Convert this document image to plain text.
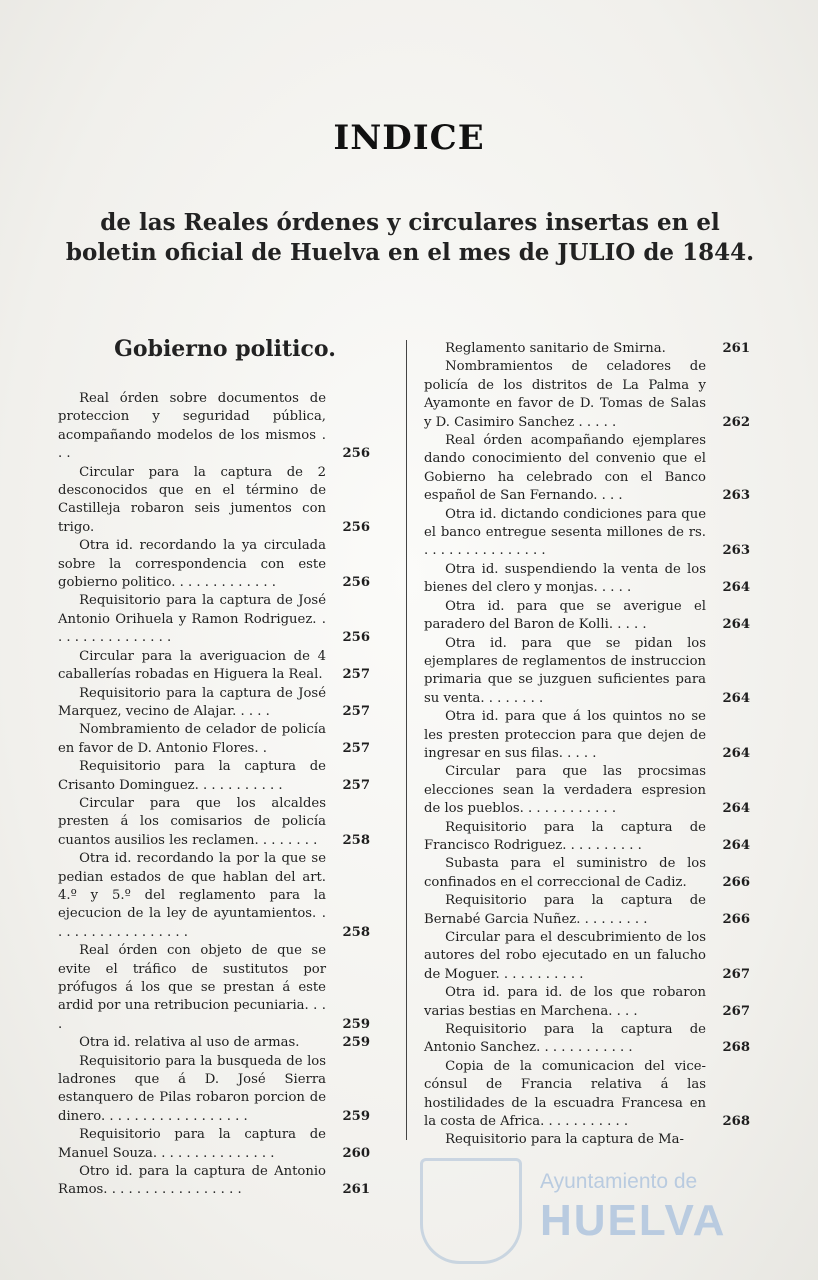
INDICE
de las Reales órdenes y circulares insertas en el boletin oficial de Huelva en el mes de JULIO de 1844.
Gobierno politico.
Real órden sobre documentos de proteccion y seguridad pública, acompañando modelos de los mismos . . .	256
Circular para la captura de 2 desconocidos que en el término de Castilleja robaron seis jumentos con trigo.	256
Otra id. recordando la ya circulada sobre la correspondencia con este gobierno politico. . . . . . . . . . . . .	256
Requisitorio para la captura de José Antonio Orihuela y Ramon Rodriguez. . . . . . . . . . . . . . . .	256
Circular para la averiguacion de 4 caballerías robadas en Higuera la Real.	257
Requisitorio para la captura de José Marquez, vecino de Alajar. . . . .	257
Nombramiento de celador de policía en favor de D. Antonio Flores. .	257
Requisitorio para la captura de Crisanto Dominguez. . . . . . . . . . .	257
Circular para que los alcaldes presten á los comisarios de policía cuantos ausilios les reclamen. . . . . . . .	258
Otra id. recordando la por la que se pedian estados de que hablan del art. 4.º y 5.º del reglamento para la ejecucion de la ley de ayuntamientos. . . . . . . . . . . . . . . . . .	258
Real órden con objeto de que se evite el tráfico de sustitutos por prófugos á los que se prestan á este ardid por una retribucion pecuniaria. . . .	259
Otra id. relativa al uso de armas.	259
Requisitorio para la busqueda de los ladrones que á D. José Sierra estanquero de Pilas robaron porcion de dinero. . . . . . . . . . . . . . . . . .	259
Requisitorio para la captura de Manuel Souza. . . . . . . . . . . . . . .	260
Otro id. para la captura de Antonio Ramos. . . . . . . . . . . . . . . . .	261
Reglamento sanitario de Smirna.	261
Nombramientos de celadores de policía de los distritos de La Palma y Ayamonte en favor de D. Tomas de Salas y D. Casimiro Sanchez . . . . .	262
Real órden acompañando ejemplares dando conocimiento del convenio que el Gobierno ha celebrado con el Banco español de San Fernando. . . .	263
Otra id. dictando condiciones para que el banco entregue sesenta millones de rs. . . . . . . . . . . . . . . .	263
Otra id. suspendiendo la venta de los bienes del clero y monjas. . . . .	264
Otra id. para que se averigue el paradero del Baron de Kolli. . . . .	264
Otra id. para que se pidan los ejemplares de reglamentos de instruccion primaria que se juzguen suficientes para su venta. . . . . . . .	264
Otra id. para que á los quintos no se les presten proteccion para que dejen de ingresar en sus filas. . . . .	264
Circular para que las procsimas elecciones sean la verdadera espresion de los pueblos. . . . . . . . . . . .	264
Requisitorio para la captura de Francisco Rodriguez. . . . . . . . . .	264
Subasta para el suministro de los confinados en el correccional de Cadiz.	266
Requisitorio para la captura de Bernabé Garcia Nuñez. . . . . . . . .	266
Circular para el descubrimiento de los autores del robo ejecutado en un falucho de Moguer. . . . . . . . . . .	267
Otra id. para id. de los que robaron varias bestias en Marchena. . . .	267
Requisitorio para la captura de Antonio Sanchez. . . . . . . . . . . .	268
Copia de la comunicacion del vice-cónsul de Francia relativa á las hostilidades de la escuadra Francesa en la costa de Africa. . . . . . . . . . .	268
Requisitorio para la captura de Ma-
Ayuntamiento de
HUELVA
